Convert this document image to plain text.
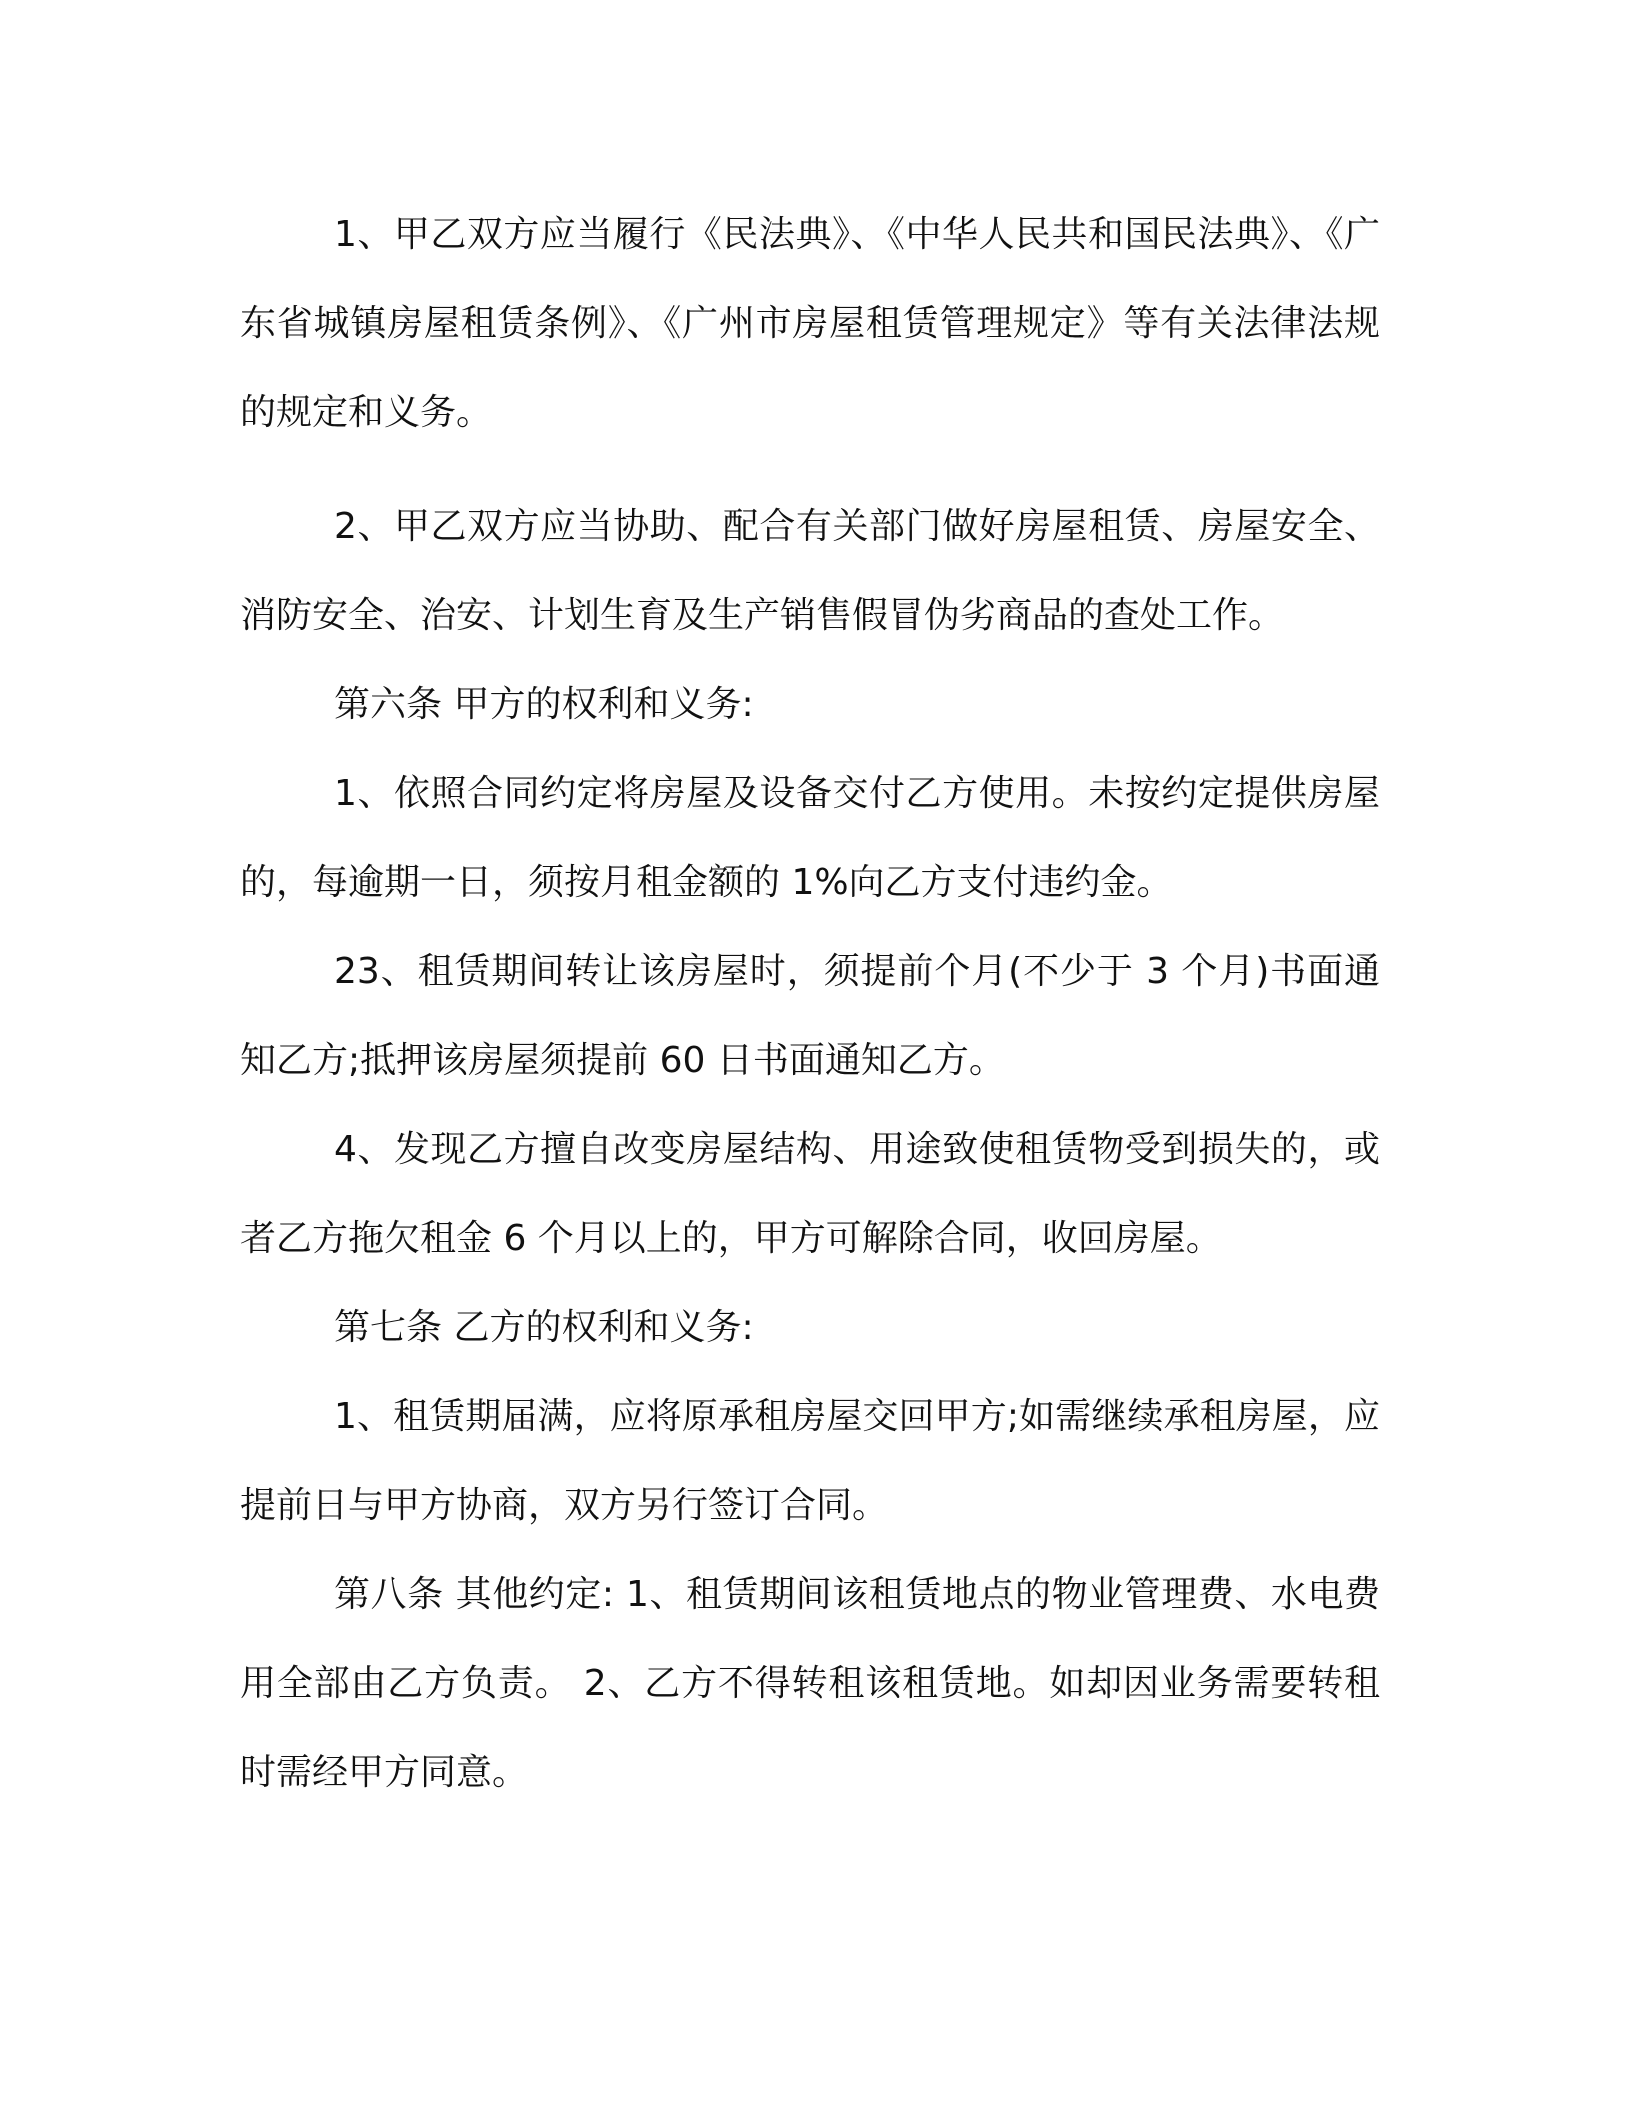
1、甲乙双方应当履行《民法典》、《中华人民共和国民法典》、《广东省城镇房屋租赁条例》、《广州市房屋租赁管理规定》等有关法律法规的规定和义务。

2、甲乙双方应当协助、配合有关部门做好房屋租赁、房屋安全、消防安全、治安、计划生育及生产销售假冒伪劣商品的查处工作。

第六条 甲方的权利和义务:

1、依照合同约定将房屋及设备交付乙方使用。未按约定提供房屋的，每逾期一日，须按月租金额的 1%向乙方支付违约金。

23、租赁期间转让该房屋时，须提前个月(不少于 3 个月)书面通知乙方;抵押该房屋须提前 60 日书面通知乙方。

4、发现乙方擅自改变房屋结构、用途致使租赁物受到损失的，或者乙方拖欠租金 6 个月以上的，甲方可解除合同，收回房屋。

第七条 乙方的权利和义务:

1、租赁期届满，应将原承租房屋交回甲方;如需继续承租房屋，应提前日与甲方协商，双方另行签订合同。

第八条 其他约定: 1、租赁期间该租赁地点的物业管理费、水电费用全部由乙方负责。 2、乙方不得转租该租赁地。如却因业务需要转租时需经甲方同意。
